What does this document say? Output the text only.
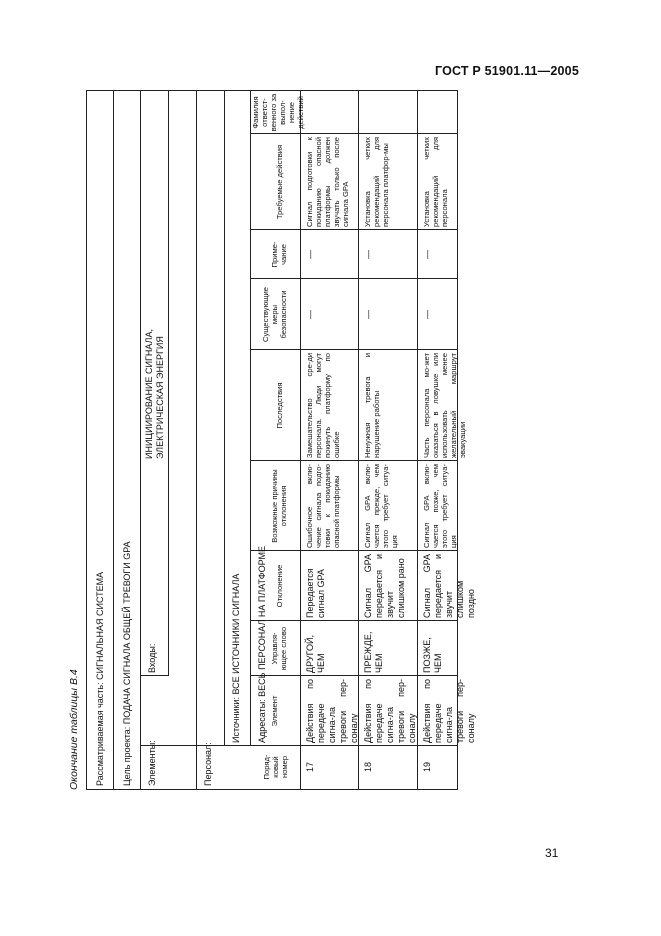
ГОСТ Р 51901.11—2005
Окончание таблицы В.4	Рассматриваемая часть: СИГНАЛЬНАЯ СИСТЕМА Цель проекта: ПОДАЧА СИГНАЛА ОБЩЕЙ ТРЕВОГИ GPA Элементы:
Входы:
ИНИЦИИРОВАНИЕ СИГНАЛА, ЭЛЕКТРИЧЕСКАЯ ЭНЕРГИЯ
Персонал:
Источники: ВСЕ ИСТОЧНИКИ СИГНАЛА Адресаты: ВЕСЬ ПЕРСОНАЛ НА ПЛАТФОРМЕ
Поряд-ковый номер
Элемент
Управля-ющее слово
Отклонение
Возможные причины отклонения
Последствия
Существующие меры безопасности
Приме-чание
Требуемые действия
Фамилия ответст-венного за выпол-нение действий
17
Действия по передаче сигна-ла тревоги пер-соналу
ДРУГОЙ, ЧЕМ
Передается сигнал GPA
Ошибочное вклю-чение сигнала подго-товки к покиданию опасной платформы
Замешательство сре-ди персонала. Люди могут покинуть платформу по ошибке
—
—
Сигнал подготовки к покиданию опасной платформы должен звучать только после сигнала GPA
18
Действия по передаче сигна-ла тревоги пер-соналу
ПРЕЖДЕ, ЧЕМ
Сигнал GPA передается и звучит слишком рано
Сигнал GPA вклю-чается прежде, чем этого требует ситуа-ция
Ненужная тревога и нарушение работы
—
—
Установка четких рекомендаций для персонала платфор-мы
19
Действия по передаче сигна-ла тревоги пер-соналу
ПОЗЖЕ, ЧЕМ
Сигнал GPA передается и звучит слишком поздно
Сигнал GPA вклю-чается позже, чем этого требует ситуа-ция
Часть персонала мо-жет оказаться в ловушке или использовать менее желательный маршрут эвакуации
—
—
Установка четких рекомендаций для персонала
31
